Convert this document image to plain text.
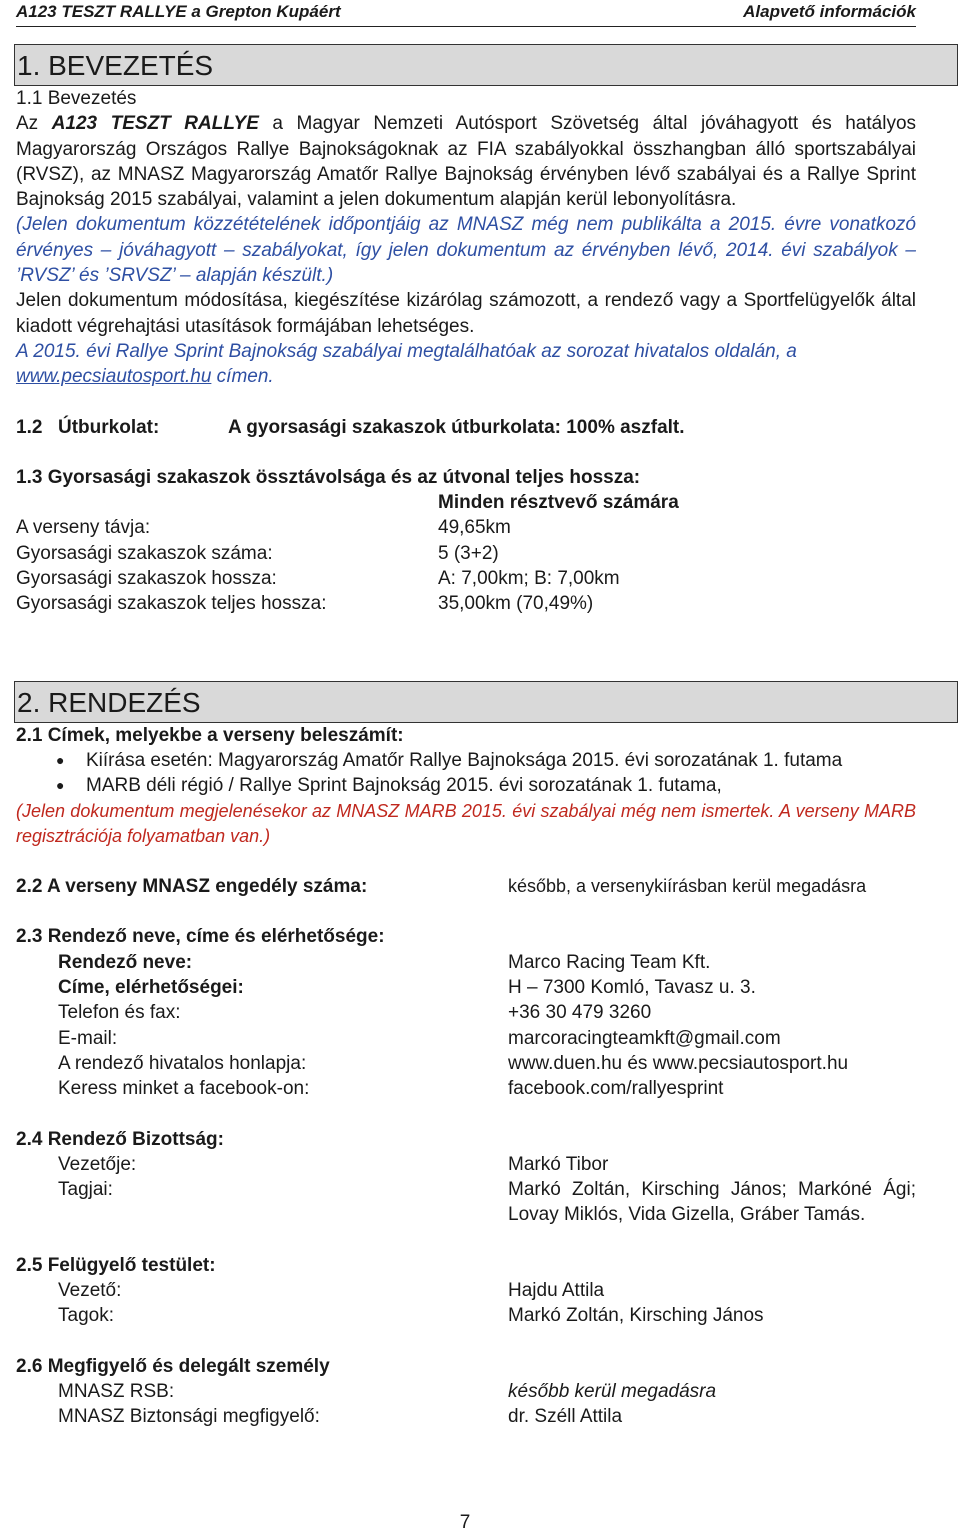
A123 TESZT RALLYE a Grepton Kupáért	Alapvető információk
1. BEVEZETÉS

1.1 Bevezetés

Az A123 TESZT RALLYE a Magyar Nemzeti Autósport Szövetség által jóváhagyott és hatályos Magyarország Országos Rallye Bajnokságoknak az FIA szabályokkal összhangban álló sportszabályai (RVSZ), az MNASZ Magyarország Amatőr Rallye Bajnokság érvényben lévő szabályai és a Rallye Sprint Bajnokság 2015 szabályai, valamint a jelen dokumentum alapján kerül lebonyolításra.

(Jelen dokumentum közzétételének időpontjáig az MNASZ még nem publikálta a 2015. évre vonatkozó érvényes – jóváhagyott – szabályokat, így jelen dokumentum az érvényben lévő, 2014. évi szabályok – ’RVSZ’ és ’SRVSZ’ – alapján készült.)

Jelen dokumentum módosítása, kiegészítése kizárólag számozott, a rendező vagy a Sportfelügyelők által kiadott végrehajtási utasítások formájában lehetséges.

A 2015. évi Rallye Sprint Bajnokság szabályai megtalálhatóak az sorozat hivatalos oldalán, a www.pecsiautosport.hu címen.

1.2 Útburkolat:	A gyorsasági szakaszok útburkolata: 100% aszfalt.

1.3 Gyorsasági szakaszok össztávolsága és az útvonal teljes hossza:

Minden résztvevő számára
A verseny távja:	49,65km
Gyorsasági szakaszok száma:	5 (3+2)
Gyorsasági szakaszok hossza:	A: 7,00km; B: 7,00km
Gyorsasági szakaszok teljes hossza:	35,00km (70,49%)
2. RENDEZÉS

2.1 Címek, melyekbe a verseny beleszámít:

●	Kiírása esetén: Magyarország Amatőr Rallye Bajnoksága 2015. évi sorozatának 1. futama
●	MARB déli régió / Rallye Sprint Bajnokság 2015. évi sorozatának 1. futama,

(Jelen dokumentum megjelenésekor az MNASZ MARB 2015. évi szabályai még nem ismertek. A verseny MARB regisztrációja folyamatban van.)

2.2 A verseny MNASZ engedély száma:	később, a versenykiírásban kerül megadásra

2.3 Rendező neve, címe és elérhetősége:

Rendező neve:	Marco Racing Team Kft.
Címe, elérhetőségei:	H – 7300 Komló, Tavasz u. 3.
Telefon és fax:	+36 30 479 3260
E-mail:	marcoracingteamkft@gmail.com
A rendező hivatalos honlapja:	www.duen.hu és www.pecsiautosport.hu
Keress minket a facebook-on:	facebook.com/rallyesprint

2.4 Rendező Bizottság:

Vezetője:	Markó Tibor
Tagjai:	Markó Zoltán, Kirsching János; Markóné Ági; Lovay Miklós, Vida Gizella, Gráber Tamás.

2.5 Felügyelő testület:

Vezető:	Hajdu Attila
Tagok:	Markó Zoltán, Kirsching János

2.6 Megfigyelő és delegált személy

MNASZ RSB:	később kerül megadásra
MNASZ Biztonsági megfigyelő:	dr. Széll Attila
7
